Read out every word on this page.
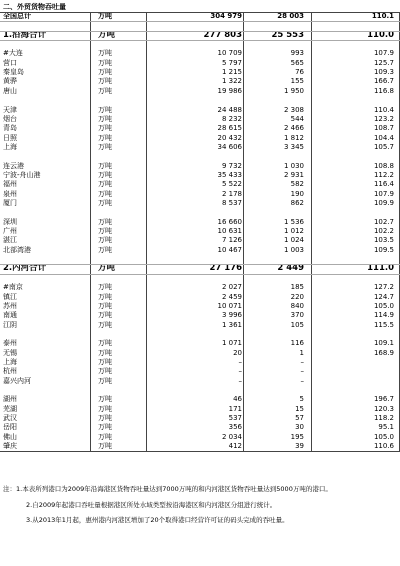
二、外贸货物吞吐量
全国总计	万吨	304 979	28 003	110.1
1.沿海合计	万吨	277 803	25 553	110.0
#大连	万吨	10 709	993	107.9
营口	万吨	5 797	565	125.7
秦皇岛	万吨	1 215	76	109.3
黄骅	万吨	1 322	155	166.7
唐山	万吨	19 986	1 950	116.8
天津	万吨	24 488	2 308	110.4
烟台	万吨	8 232	544	123.2
青岛	万吨	28 615	2 466	108.7
日照	万吨	20 432	1 812	104.4
上海	万吨	34 606	3 345	105.7
连云港	万吨	9 732	1 030	108.8
宁波-舟山港	万吨	35 433	2 931	112.2
福州	万吨	5 522	582	116.4
泉州	万吨	2 178	190	107.9
厦门	万吨	8 537	862	109.9
深圳	万吨	16 660	1 536	102.7
广州	万吨	10 631	1 012	102.2
湛江	万吨	7 126	1 024	103.5
北部湾港	万吨	10 467	1 003	109.5
2.内河合计	万吨	27 176	2 449	111.0
#南京	万吨	2 027	185	127.2
镇江	万吨	2 459	220	124.7
苏州	万吨	10 071	840	105.0
南通	万吨	3 996	370	114.9
江阴	万吨	1 361	105	115.5
泰州	万吨	1 071	116	109.1
无锡	万吨	20	1	168.9
上海	万吨	–	–
杭州	万吨	–	–
嘉兴内河	万吨	–	–
湖州	万吨	46	5	196.7
芜湖	万吨	171	15	120.3
武汉	万吨	537	57	118.2
岳阳	万吨	356	30	95.1
佛山	万吨	2 034	195	105.0
肇庆	万吨	412	39	110.6
注：1.本表所列港口为2009年沿海港区货物吞吐量达到7000万吨的和内河港区货物吞吐量达到5000万吨的港口。
2.自2009年起港口吞吐量根据港区所处水域类型按沿海港区和内河港区分组进行统计。
3.从2013年1月起，惠州港内河港区增加了20个取得港口经营许可证的码头完成的吞吐量。
